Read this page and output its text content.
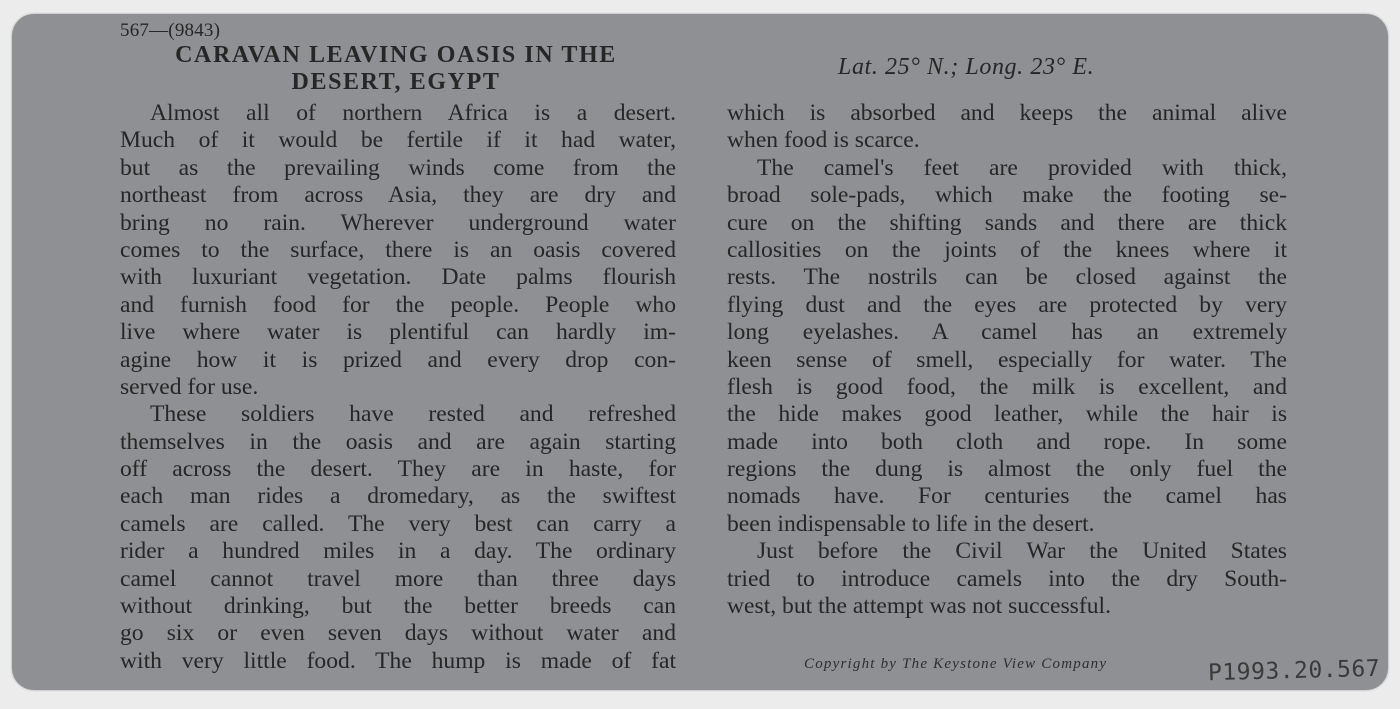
567—(9843)
CARAVAN LEAVING OASIS IN THE
DESERT, EGYPT
Lat. 25° N.; Long. 23° E.
Almost all of northern Africa is a desert.
Much of it would be fertile if it had water,
but as the prevailing winds come from the
northeast from across Asia, they are dry and
bring no rain. Wherever underground water
comes to the surface, there is an oasis covered
with luxuriant vegetation. Date palms flourish
and furnish food for the people. People who
live where water is plentiful can hardly im-
agine how it is prized and every drop con-
served for use.
These soldiers have rested and refreshed
themselves in the oasis and are again starting
off across the desert. They are in haste, for
each man rides a dromedary, as the swiftest
camels are called. The very best can carry a
rider a hundred miles in a day. The ordinary
camel cannot travel more than three days
without drinking, but the better breeds can
go six or even seven days without water and
with very little food. The hump is made of fat
which is absorbed and keeps the animal alive
when food is scarce.
The camel's feet are provided with thick,
broad sole-pads, which make the footing se-
cure on the shifting sands and there are thick
callosities on the joints of the knees where it
rests. The nostrils can be closed against the
flying dust and the eyes are protected by very
long eyelashes. A camel has an extremely
keen sense of smell, especially for water. The
flesh is good food, the milk is excellent, and
the hide makes good leather, while the hair is
made into both cloth and rope. In some
regions the dung is almost the only fuel the
nomads have. For centuries the camel has
been indispensable to life in the desert.
Just before the Civil War the United States
tried to introduce camels into the dry South-
west, but the attempt was not successful.
Copyright by The Keystone View Company	P1993.20.567
